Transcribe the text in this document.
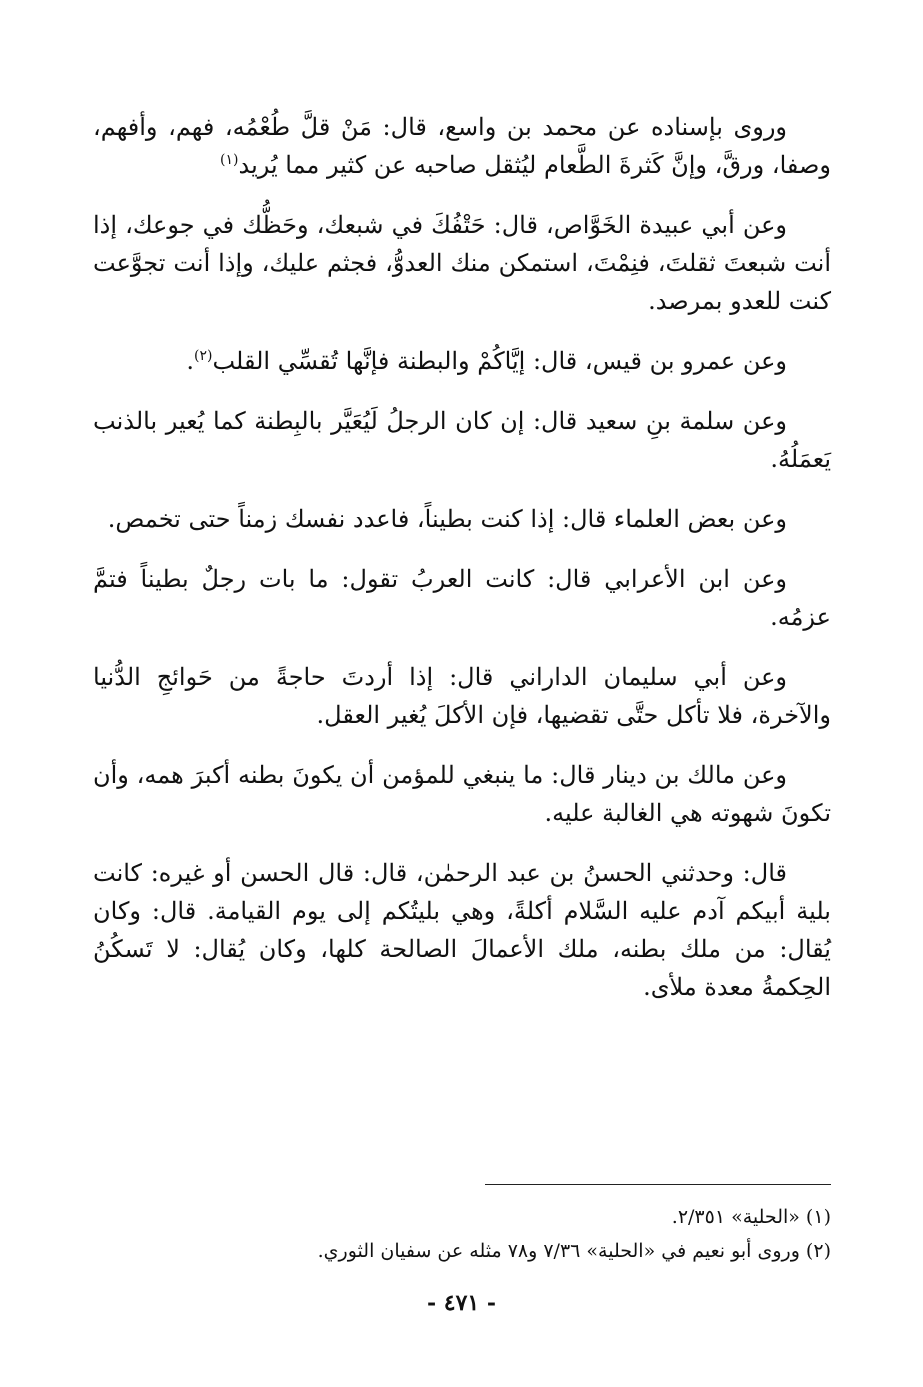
وروى بإسناده عن محمد بن واسع، قال: مَنْ قلَّ طُعْمُه، فهم، وأفهم، وصفا، ورقَّ، وإنَّ كَثرةَ الطَّعام ليُثقل صاحبه عن كثير مما يُريد$^{(١)}$

وعن أبي عبيدة الخَوَّاص، قال: حَتْفُكَ في شبعك، وحَظُّك في جوعك، إذا أنت شبعتَ ثقلتَ، فنِمْتَ، استمكن منك العدوُّ، فجثم عليك، وإذا أنت تجوَّعت كنت للعدو بمرصد.

وعن عمرو بن قيس، قال: إيَّاكُمْ والبطنة فإنَّها تُقسِّي القلب$^{(٢)}$.

وعن سلمة بنِ سعيد قال: إن كان الرجلُ لَيُعَيَّر بالبِطنة كما يُعير بالذنب يَعمَلُهُ.

وعن بعض العلماء قال: إذا كنت بطيناً، فاعدد نفسك زمناً حتى تخمص.

وعن ابن الأعرابي قال: كانت العربُ تقول: ما بات رجلٌ بطيناً فتمَّ عزمُه.

وعن أبي سليمان الداراني قال: إذا أردتَ حاجةً من حَوائجِ الدُّنيا والآخرة، فلا تأكل حتَّى تقضيها، فإن الأكلَ يُغير العقل.

وعن مالك بن دينار قال: ما ينبغي للمؤمن أن يكونَ بطنه أكبرَ همه، وأن تكونَ شهوته هي الغالبة عليه.

قال: وحدثني الحسنُ بن عبد الرحمٰن، قال: قال الحسن أو غيره: كانت بلية أبيكم آدم عليه السَّلام أكلةً، وهي بليتُكم إلى يوم القيامة. قال: وكان يُقال: من ملك بطنه، ملك الأعمالَ الصالحة كلها، وكان يُقال: لا تَسكُنُ الحِكمةُ معدة ملأى.

(١) «الحلية» ٢/٣٥١.

(٢) وروى أبو نعيم في «الحلية» ٧/٣٦ و٧٨ مثله عن سفيان الثوري.

- ٤٧١ -
